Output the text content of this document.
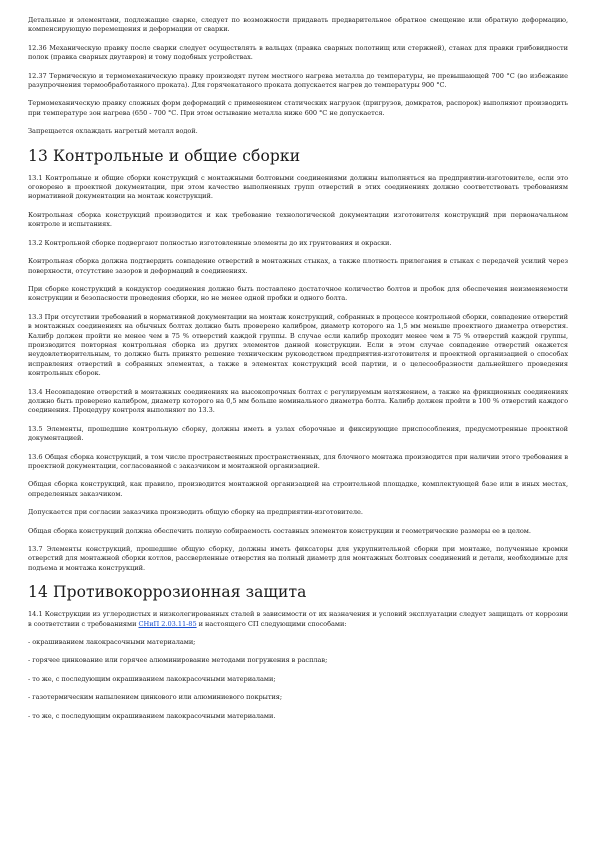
Детальные и элементами, подлежащие сварке, следует по возможности придавать предварительное обратное смещение или обратную деформацию, компенсирующую перемещения и деформации от сварки.

12.36 Механическую правку после сварки следует осуществлять в вальцах (правка сварных полотнищ или стержней), станах для правки грибовидности полок (правка сварных двутавров) и тому подобных устройствах.

12.37 Термическую и термомеханическую правку производят путем местного нагрева металла до температуры, не превышающей 700 °С (во избежание разупрочнения термообработанного проката). Для горячекатаного проката допускается нагрев до температуры 900 °С.

Термомеханическую правку сложных форм деформаций с применением статических нагрузок (пригрузов, домкратов, распорок) выполняют производить при температуре зон нагрева (650 - 700 °С. При этом остывание металла ниже 600 °С не допускается.

Запрещается охлаждать нагретый металл водой.

13 Контрольные и общие сборки

13.1 Контрольные и общие сборки конструкций с монтажными болтовыми соединениями должны выполняться на предприятии-изготовителе, если это оговорено в проектной документации, при этом качество выполненных групп отверстий в этих соединениях должно соответствовать требованиям нормативной документации на монтаж конструкций.

Контрольная сборка конструкций производится и как требование технологической документации изготовителя конструкций при первоначальном контроле и испытаниях.

13.2 Контрольной сборке подвергают полностью изготовленные элементы до их грунтования и окраски.

Контрольная сборка должна подтвердить совпадение отверстий в монтажных стыках, а также плотность прилегания в стыках с передачей усилий через поверхности, отсутствие зазоров и деформаций в соединениях.

При сборке конструкций в кондуктор соединения должно быть поставлено достаточное количество болтов и пробок для обеспечения неизменяемости конструкции и безопасности проведения сборки, но не менее одной пробки и одного болта.

13.3 При отсутствии требований в нормативной документации на монтаж конструкций, собранных в процессе контрольной сборки, совпадение отверстий в монтажных соединениях на обычных болтах должно быть проверено калибром, диаметр которого на 1,5 мм меньше проектного диаметра отверстия. Калибр должен пройти не менее чем в 75 % отверстий каждой группы. В случае если калибр проходит менее чем в 75 % отверстий каждой группы, производится повторная контрольная сборка из других элементов данной конструкции. Если в этом случае совпадение отверстий окажется неудовлетворительным, то должно быть принято решение техническим руководством предприятия-изготовителя и проектной организацией о способах исправления отверстий в собранных элементах, а также в элементах конструкций всей партии, и о целесообразности дальнейшего проведения контрольных сборок.

13.4 Несовпадение отверстий в монтажных соединениях на высокопрочных болтах с регулируемым натяжением, а также на фрикционных соединениях должно быть проверено калибром, диаметр которого на 0,5 мм больше номинального диаметра болта. Калибр должен пройти в 100 % отверстий каждого соединения. Процедуру контроля выполняют по 13.3.

13.5 Элементы, прошедшие контрольную сборку, должны иметь в узлах сборочные и фиксирующие приспособления, предусмотренные проектной документацией.

13.6 Общая сборка конструкций, в том числе пространственных пространственных, для блочного монтажа производится при наличии этого требования в проектной документации, согласованной с заказчиком и монтажной организацией.

Общая сборка конструкций, как правило, производится монтажной организацией на строительной площадке, комплектующей базе или в иных местах, определенных заказчиком.

Допускается при согласии заказчика производить общую сборку на предприятии-изготовителе.

Общая сборка конструкций должна обеспечить полную собираемость составных элементов конструкции и геометрические размеры ее в целом.

13.7 Элементы конструкций, прошедшие общую сборку, должны иметь фиксаторы для укрупнительной сборки при монтаже, полученные кромки отверстий для монтажной сборки котлов, рассверленные отверстия на полный диаметр для монтажных болтовых соединений и детали, необходимые для подъема и монтажа конструкций.

14 Противокоррозионная защита

14.1 Конструкции из углеродистых и низколегированных сталей в зависимости от их назначения и условий эксплуатации следует защищать от коррозии в соответствии с требованиями СНиП 2.03.11-85 и настоящего СП следующими способами:

- окрашиванием лакокрасочными материалами;

- горячее цинкование или горячее алюминирование методами погружения в расплав;

- то же, с последующим окрашиванием лакокрасочными материалами;

- газотермическим напылением цинкового или алюминиевого покрытия;

- то же, с последующим окрашиванием лакокрасочными материалами.
